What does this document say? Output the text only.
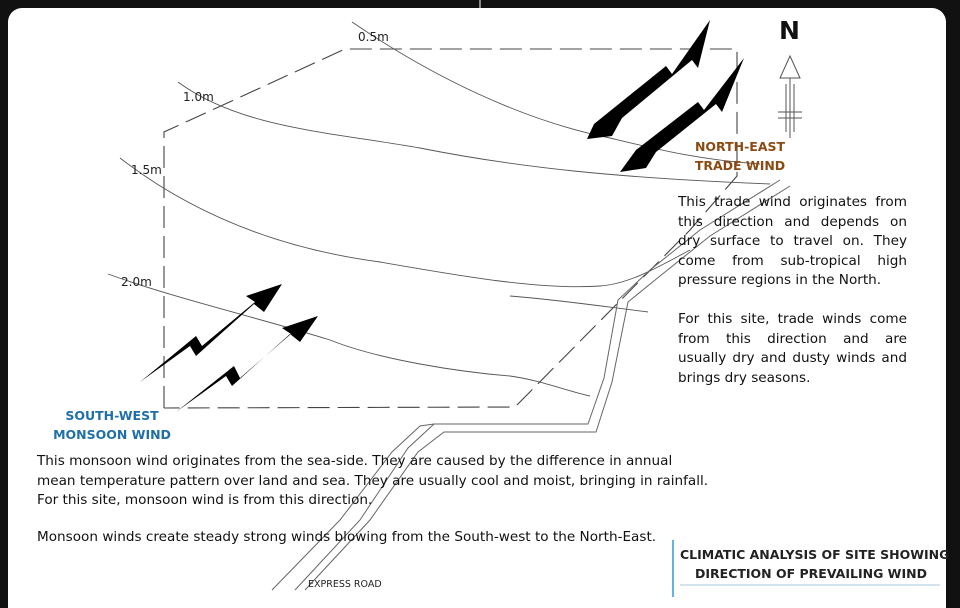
N
0.5m
1.0m
1.5m
2.0m
NORTH-EAST
TRADE WIND
This trade wind originates from this direction and depends on dry surface to travel on. They come from sub-tropical high pressure regions in the North.
For this site, trade winds come from this direction and are usually dry and dusty winds and brings dry seasons.
SOUTH-WEST
MONSOON WIND
This monsoon wind originates from the sea-side. They are caused by the difference in annual
mean temperature pattern over land and sea. They are usually cool and moist, bringing in rainfall.
For this site, monsoon wind is from this direction.
Monsoon winds create steady strong winds blowing from the South-west to the North-East.
EXPRESS ROAD
CLIMATIC ANALYSIS OF SITE SHOWING
DIRECTION OF PREVAILING WIND
